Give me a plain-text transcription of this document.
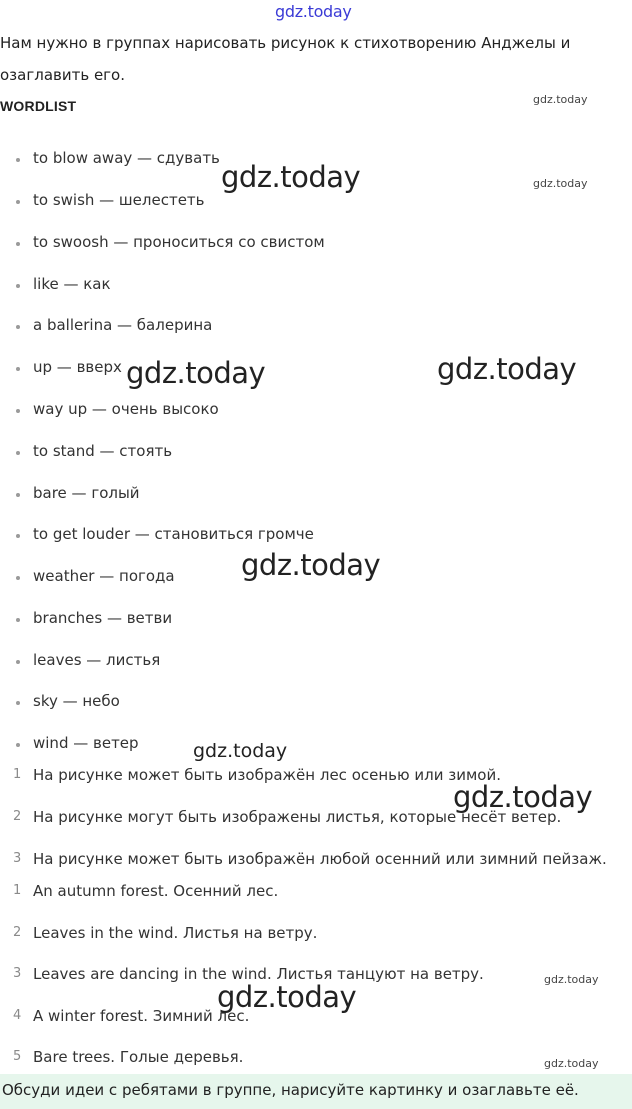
gdz.today
Нам нужно в группах нарисовать рисунок к стихотворению Анджелы и
озаглавить его.
WORDLIST
to blow away — сдувать
to swish — шелестеть
to swoosh — проноситься со свистом
like — как
a ballerina — балерина
up — вверх
way up — очень высоко
to stand — стоять
bare — голый
to get louder — становиться громче
weather — погода
branches — ветви
leaves — листья
sky — небо
wind — ветер
1 На рисунке может быть изображён лес осенью или зимой.
2 На рисунке могут быть изображены листья, которые несёт ветер.
3 На рисунке может быть изображён любой осенний или зимний пейзаж.
1 An autumn forest. Осенний лес.
2 Leaves in the wind. Листья на ветру.
3 Leaves are dancing in the wind. Листья танцуют на ветру.
4 A winter forest. Зимний лес.
5 Bare trees. Голые деревья.
gdz.today
gdz.today
gdz.today
gdz.today	gdz.today
gdz.today
gdz.today
gdz.today
gdz.today
gdz.today
gdz.today
Обсуди идеи с ребятами в группе, нарисуйте картинку и озаглавьте её.
